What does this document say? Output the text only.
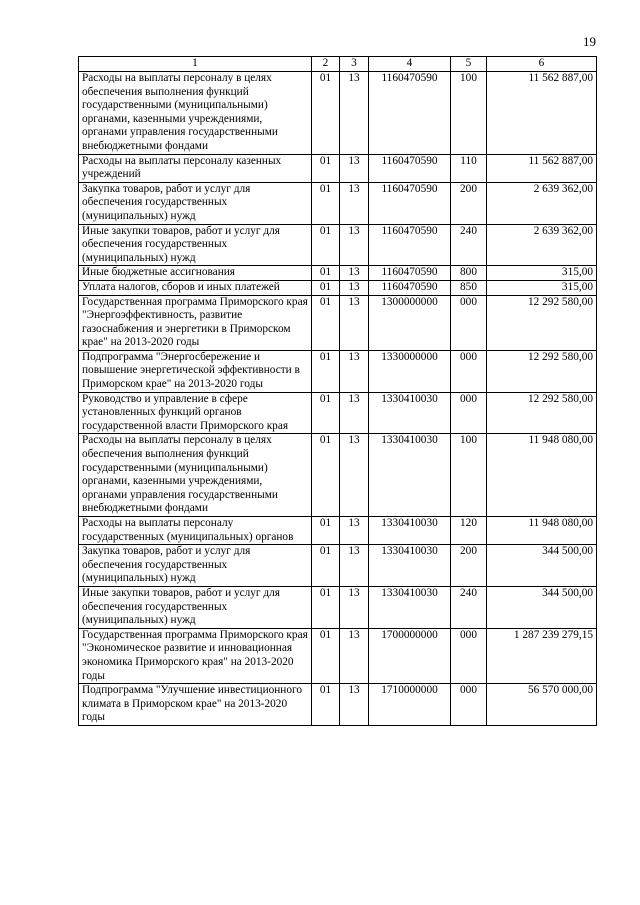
19
1	2	3	4	5	6
Расходы на выплаты персоналу в целях обеспечения выполнения функций государственными (муниципальными) органами, казенными учреждениями, органами управления государственными внебюджетными фондами	01	13	1160470590	100	11 562 887,00
Расходы на выплаты персоналу казенных учреждений	01	13	1160470590	110	11 562 887,00
Закупка товаров, работ и услуг для обеспечения государственных (муниципальных) нужд	01	13	1160470590	200	2 639 362,00
Иные закупки товаров, работ и услуг для обеспечения государственных (муниципальных) нужд	01	13	1160470590	240	2 639 362,00
Иные бюджетные ассигнования	01	13	1160470590	800	315,00
Уплата налогов, сборов и иных платежей	01	13	1160470590	850	315,00
Государственная программа Приморского края "Энергоэффективность, развитие газоснабжения и энергетики в Приморском крае" на 2013-2020 годы	01	13	1300000000	000	12 292 580,00
Подпрограмма "Энергосбережение и повышение энергетической эффективности в Приморском крае" на 2013-2020 годы	01	13	1330000000	000	12 292 580,00
Руководство и управление в сфере установленных функций органов государственной власти Приморского края	01	13	1330410030	000	12 292 580,00
Расходы на выплаты персоналу в целях обеспечения выполнения функций государственными (муниципальными) органами, казенными учреждениями, органами управления государственными внебюджетными фондами	01	13	1330410030	100	11 948 080,00
Расходы на выплаты персоналу государственных (муниципальных) органов	01	13	1330410030	120	11 948 080,00
Закупка товаров, работ и услуг для обеспечения государственных (муниципальных) нужд	01	13	1330410030	200	344 500,00
Иные закупки товаров, работ и услуг для обеспечения государственных (муниципальных) нужд	01	13	1330410030	240	344 500,00
Государственная программа Приморского края "Экономическое развитие и инновационная экономика Приморского края" на 2013-2020 годы	01	13	1700000000	000	1 287 239 279,15
Подпрограмма "Улучшение инвестиционного климата в Приморском крае" на 2013-2020 годы	01	13	1710000000	000	56 570 000,00
